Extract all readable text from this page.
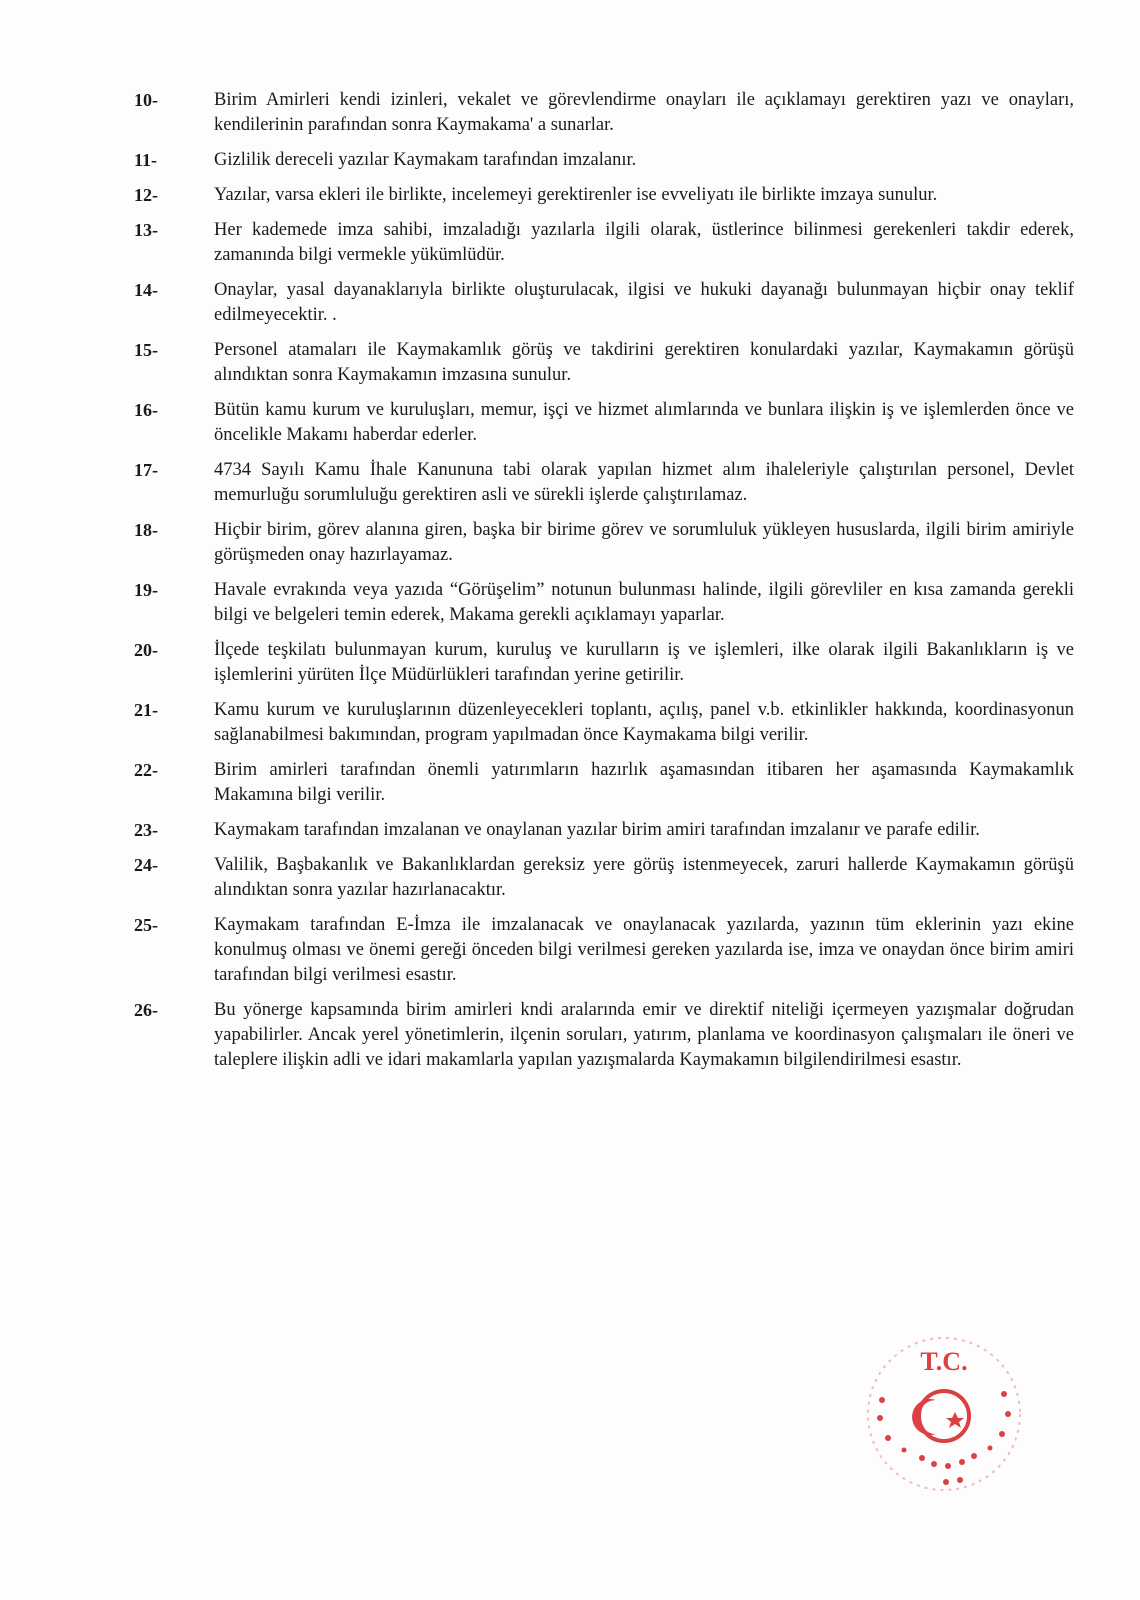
10-	Birim Amirleri kendi izinleri, vekalet ve görevlendirme onayları ile açıklamayı gerektiren yazı ve onayları, kendilerinin parafından sonra Kaymakama' a sunarlar.
11-	Gizlilik dereceli yazılar Kaymakam tarafından imzalanır.
12-	Yazılar, varsa ekleri ile birlikte, incelemeyi gerektirenler ise evveliyatı ile birlikte imzaya sunulur.
13-	Her kademede imza sahibi, imzaladığı yazılarla ilgili olarak, üstlerince bilinmesi gerekenleri takdir ederek, zamanında bilgi vermekle yükümlüdür.
14-	Onaylar, yasal dayanaklarıyla birlikte oluşturulacak, ilgisi ve hukuki dayanağı bulunmayan hiçbir onay teklif edilmeyecektir. .
15-	Personel atamaları ile Kaymakamlık görüş ve takdirini gerektiren konulardaki yazılar, Kaymakamın görüşü alındıktan sonra Kaymakamın imzasına sunulur.
16-	Bütün kamu kurum ve kuruluşları, memur, işçi ve hizmet alımlarında ve bunlara ilişkin iş ve işlemlerden önce ve öncelikle Makamı haberdar ederler.
17-	4734 Sayılı Kamu İhale Kanununa tabi olarak yapılan hizmet alım ihaleleriyle çalıştırılan personel, Devlet memurluğu sorumluluğu gerektiren asli ve sürekli işlerde çalıştırılamaz.
18-	Hiçbir birim, görev alanına giren, başka bir birime görev ve sorumluluk yükleyen hususlarda, ilgili birim amiriyle görüşmeden onay hazırlayamaz.
19-	Havale evrakında veya yazıda “Görüşelim” notunun bulunması halinde, ilgili görevliler en kısa zamanda gerekli bilgi ve belgeleri temin ederek, Makama gerekli açıklamayı yaparlar.
20-	İlçede teşkilatı bulunmayan kurum, kuruluş ve kurulların iş ve işlemleri, ilke olarak ilgili Bakanlıkların iş ve işlemlerini yürüten İlçe Müdürlükleri tarafından yerine getirilir.
21-	Kamu kurum ve kuruluşlarının düzenleyecekleri toplantı, açılış, panel v.b. etkinlikler hakkında, koordinasyonun sağlanabilmesi bakımından, program yapılmadan önce Kaymakama bilgi verilir.
22-	Birim amirleri tarafından önemli yatırımların hazırlık aşamasından itibaren her aşamasında Kaymakamlık Makamına bilgi verilir.
23-	Kaymakam tarafından imzalanan ve onaylanan yazılar birim amiri tarafından imzalanır ve parafe edilir.
24-	Valilik, Başbakanlık ve Bakanlıklardan gereksiz yere görüş istenmeyecek, zaruri hallerde Kaymakamın görüşü alındıktan sonra yazılar hazırlanacaktır.
25-	Kaymakam tarafından E-İmza ile imzalanacak ve onaylanacak yazılarda, yazının tüm eklerinin yazı ekine konulmuş olması ve önemi gereği önceden bilgi verilmesi gereken yazılarda ise, imza ve onaydan önce birim amiri tarafından bilgi verilmesi esastır.
26-	Bu yönerge kapsamında birim amirleri kndi aralarında emir ve direktif niteliği içermeyen yazışmalar doğrudan yapabilirler. Ancak yerel yönetimlerin, ilçenin soruları, yatırım, planlama ve koordinasyon çalışmaları ile öneri ve taleplere ilişkin adli ve idari makamlarla yapılan yazışmalarda Kaymakamın bilgilendirilmesi esastır.
T.C.
